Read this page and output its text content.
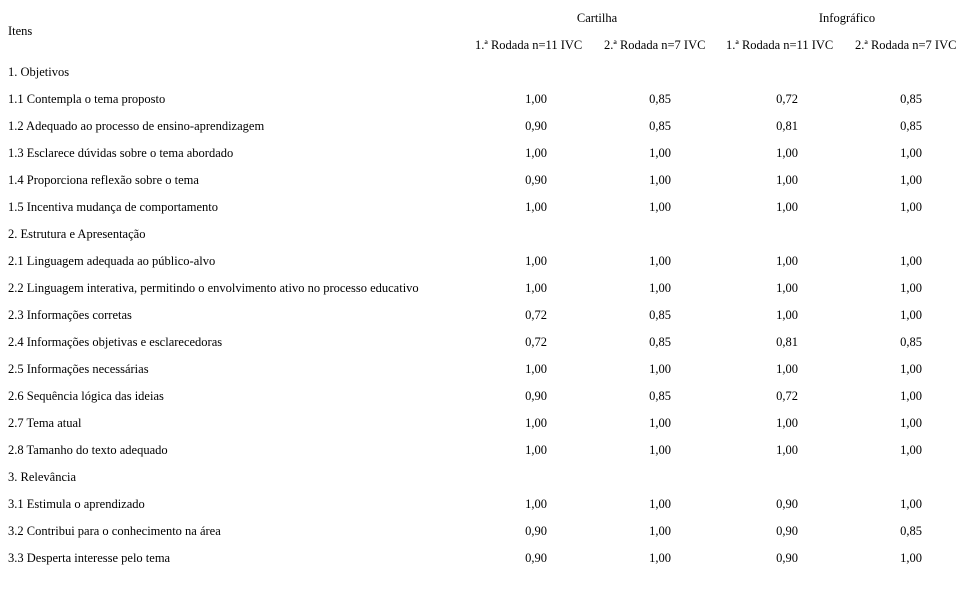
Cartilha	Infográfico
Itens
1.ª Rodada n=11 IVC 2.ª Rodada n=7 IVC 1.ª Rodada n=11 IVC 2.ª Rodada n=7 IVC
1. Objetivos
1.1 Contempla o tema proposto	1,00	0,85	0,72	0,85
1.2 Adequado ao processo de ensino-aprendizagem	0,90	0,85	0,81	0,85
1.3 Esclarece dúvidas sobre o tema abordado	1,00	1,00	1,00	1,00
1.4 Proporciona reflexão sobre o tema	0,90	1,00	1,00	1,00
1.5 Incentiva mudança de comportamento	1,00	1,00	1,00	1,00
2. Estrutura e Apresentação
2.1 Linguagem adequada ao público-alvo	1,00	1,00	1,00	1,00
2.2 Linguagem interativa, permitindo o envolvimento ativo no processo educativo	1,00	1,00	1,00	1,00
2.3 Informações corretas	0,72	0,85	1,00	1,00
2.4 Informações objetivas e esclarecedoras	0,72	0,85	0,81	0,85
2.5 Informações necessárias	1,00	1,00	1,00	1,00
2.6 Sequência lógica das ideias	0,90	0,85	0,72	1,00
2.7 Tema atual	1,00	1,00	1,00	1,00
2.8 Tamanho do texto adequado	1,00	1,00	1,00	1,00
3. Relevância
3.1 Estimula o aprendizado	1,00	1,00	0,90	1,00
3.2 Contribui para o conhecimento na área	0,90	1,00	0,90	0,85
3.3 Desperta interesse pelo tema	0,90	1,00	0,90	1,00
